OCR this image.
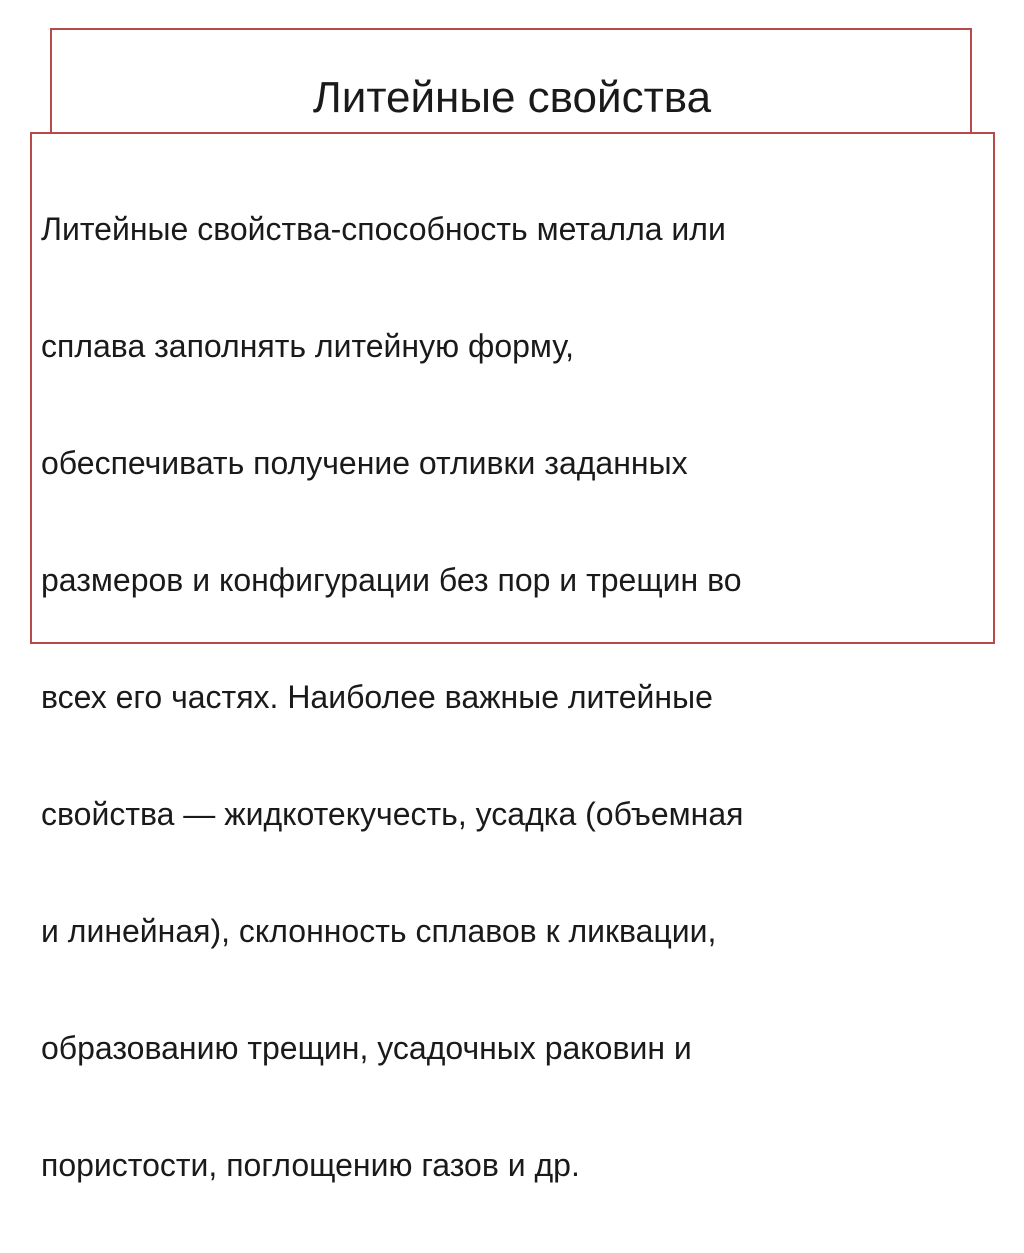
Литейные свойства

Литейные свойства-способность металла или

сплава заполнять литейную форму,

обеспечивать получение отливки заданных

размеров и конфигурации без пор и трещин во

всех его частях. Наиболее важные литейные

свойства — жидкотекучесть, усадка (объемная

и линейная), склонность сплавов к ликвации,

образованию трещин, усадочных раковин и

пористости, поглощению газов и др.
